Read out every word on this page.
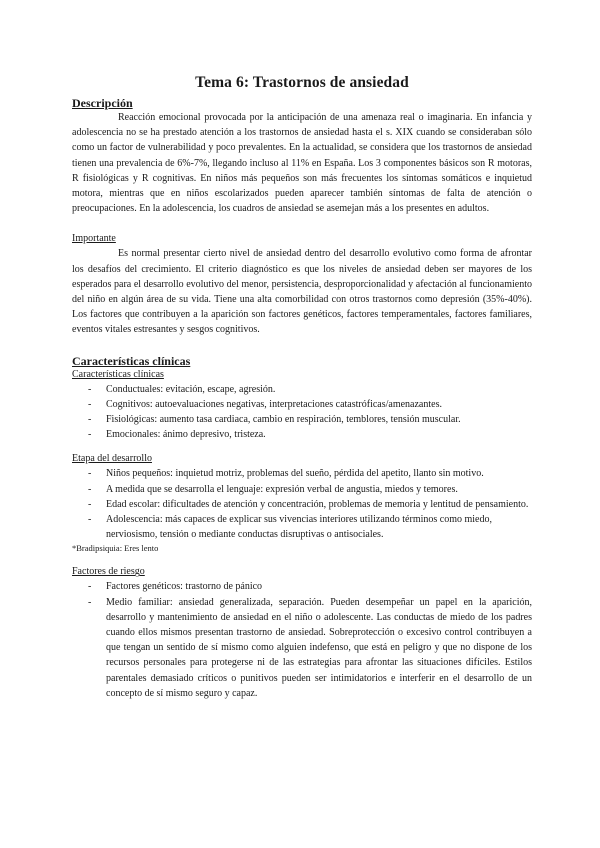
Tema 6: Trastornos de ansiedad
Descripción

Reacción emocional provocada por la anticipación de una amenaza real o imaginaria. En infancia y adolescencia no se ha prestado atención a los trastornos de ansiedad hasta el s. XIX cuando se consideraban sólo como un factor de vulnerabilidad y poco prevalentes. En la actualidad, se considera que los trastornos de ansiedad tienen una prevalencia de 6%-7%, llegando incluso al 11% en España. Los 3 componentes básicos son R motoras, R fisiológicas y R cognitivas. En niños más pequeños son más frecuentes los síntomas somáticos e inquietud motora, mientras que en niños escolarizados pueden aparecer también síntomas de falta de atención o preocupaciones. En la adolescencia, los cuadros de ansiedad se asemejan más a los presentes en adultos.

Importante

Es normal presentar cierto nivel de ansiedad dentro del desarrollo evolutivo como forma de afrontar los desafíos del crecimiento. El criterio diagnóstico es que los niveles de ansiedad deben ser mayores de los esperados para el desarrollo evolutivo del menor, persistencia, desproporcionalidad y afectación al funcionamiento del niño en algún área de su vida. Tiene una alta comorbilidad con otros trastornos como depresión (35%-40%). Los factores que contribuyen a la aparición son factores genéticos, factores temperamentales, factores familiares, eventos vitales estresantes y sesgos cognitivos.

Características clínicas
Características clínicas
- Conductuales: evitación, escape, agresión.
- Cognitivos: autoevaluaciones negativas, interpretaciones catastróficas/amenazantes.
- Fisiológicas: aumento tasa cardiaca, cambio en respiración, temblores, tensión muscular.
- Emocionales: ánimo depresivo, tristeza.
Etapa del desarrollo
- Niños pequeños: inquietud motriz, problemas del sueño, pérdida del apetito, llanto sin motivo.
- A medida que se desarrolla el lenguaje: expresión verbal de angustia, miedos y temores.
- Edad escolar: dificultades de atención y concentración, problemas de memoria y lentitud de pensamiento.
- Adolescencia: más capaces de explicar sus vivencias interiores utilizando términos como miedo, nerviosismo, tensión o mediante conductas disruptivas o antisociales.

*Bradipsiquia: Eres lento

Factores de riesgo
- Factores genéticos: trastorno de pánico
- Medio familiar: ansiedad generalizada, separación. Pueden desempeñar un papel en la aparición, desarrollo y mantenimiento de ansiedad en el niño o adolescente. Las conductas de miedo de los padres cuando ellos mismos presentan trastorno de ansiedad. Sobreprotección o excesivo control contribuyen a que tengan un sentido de sí mismo como alguien indefenso, que está en peligro y que no dispone de los recursos personales para protegerse ni de las estrategias para afrontar las situaciones difíciles. Estilos parentales demasiado críticos o punitivos pueden ser intimidatorios e interferir en el desarrollo de un concepto de sí mismo seguro y capaz.
